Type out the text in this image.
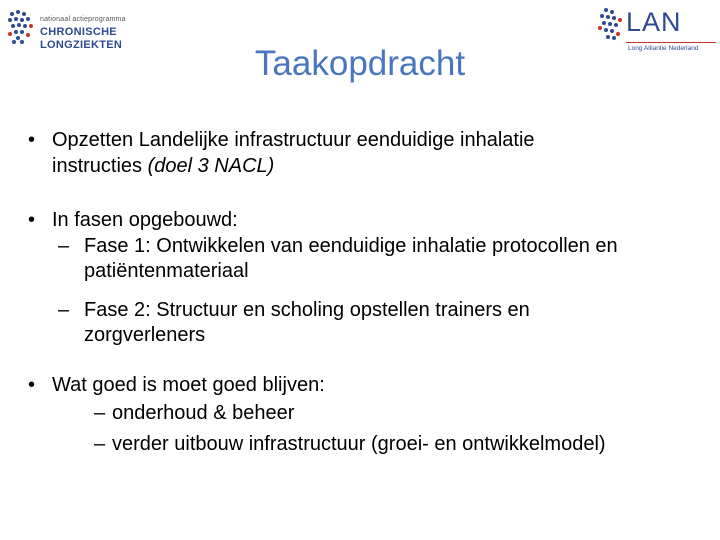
nationaal actieprogramma
CHRONISCHE
LONGZIEKTEN
LAN
Long Alliantie Nederland
Taakopdracht
• Opzetten Landelijke infrastructuur eenduidige inhalatie
instructies (doel 3 NACL)
• In fasen opgebouwd:
– Fase 1: Ontwikkelen van eenduidige inhalatie protocollen en
patiëntenmateriaal
– Fase 2: Structuur en scholing opstellen trainers en
zorgverleners
• Wat goed is moet goed blijven:
– onderhoud & beheer
– verder uitbouw infrastructuur (groei- en ontwikkelmodel)
